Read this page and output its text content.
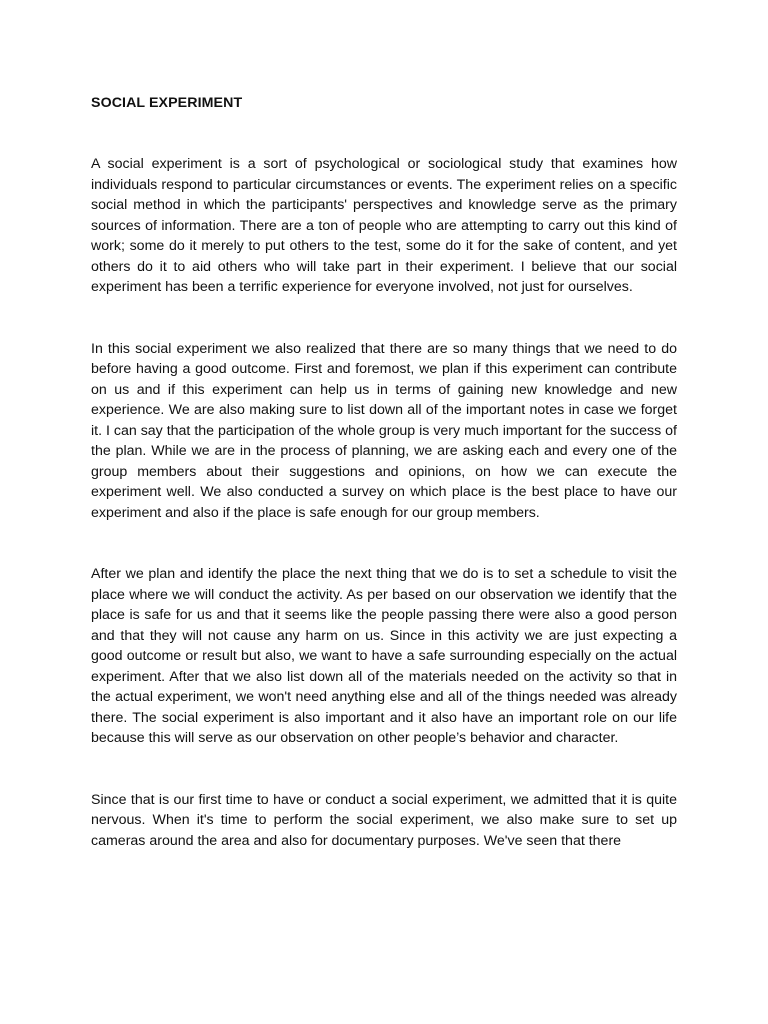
SOCIAL EXPERIMENT

A social experiment is a sort of psychological or sociological study that examines how individuals respond to particular circumstances or events. The experiment relies on a specific social method in which the participants' perspectives and knowledge serve as the primary sources of information. There are a ton of people who are attempting to carry out this kind of work; some do it merely to put others to the test, some do it for the sake of content, and yet others do it to aid others who will take part in their experiment. I believe that our social experiment has been a terrific experience for everyone involved, not just for ourselves.

In this social experiment we also realized that there are so many things that we need to do before having a good outcome. First and foremost, we plan if this experiment can contribute on us and if this experiment can help us in terms of gaining new knowledge and new experience. We are also making sure to list down all of the important notes in case we forget it. I can say that the participation of the whole group is very much important for the success of the plan. While we are in the process of planning, we are asking each and every one of the group members about their suggestions and opinions, on how we can execute the experiment well. We also conducted a survey on which place is the best place to have our experiment and also if the place is safe enough for our group members.

After we plan and identify the place the next thing that we do is to set a schedule to visit the place where we will conduct the activity. As per based on our observation we identify that the place is safe for us and that it seems like the people passing there were also a good person and that they will not cause any harm on us. Since in this activity we are just expecting a good outcome or result but also, we want to have a safe surrounding especially on the actual experiment. After that we also list down all of the materials needed on the activity so that in the actual experiment, we won't need anything else and all of the things needed was already there. The social experiment is also important and it also have an important role on our life because this will serve as our observation on other people’s behavior and character.

Since that is our first time to have or conduct a social experiment, we admitted that it is quite nervous. When it's time to perform the social experiment, we also make sure to set up cameras around the area and also for documentary purposes. We've seen that there
